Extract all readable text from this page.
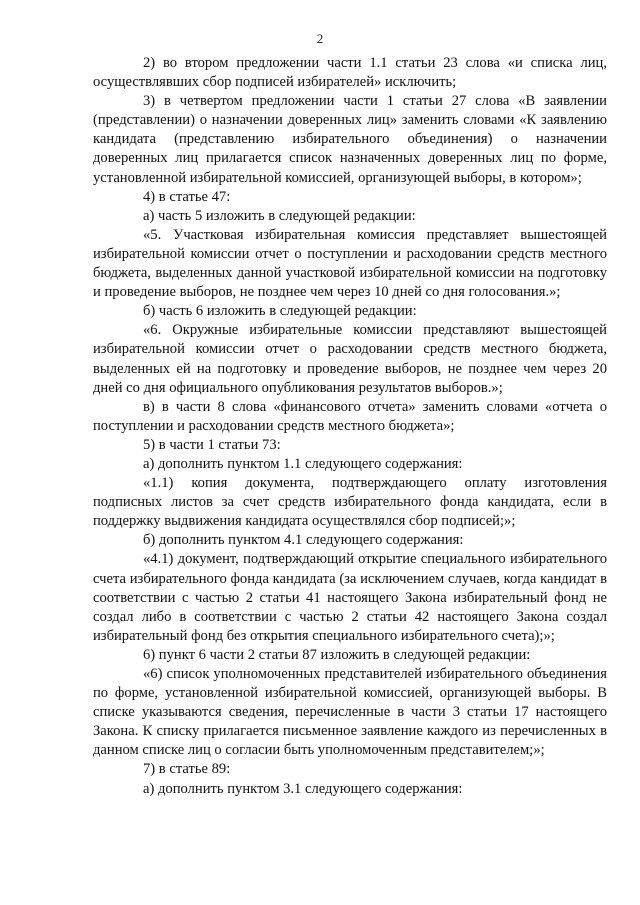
2

2) во втором предложении части 1.1 статьи 23 слова «и списка лиц, осуществлявших сбор подписей избирателей» исключить;

3) в четвертом предложении части 1 статьи 27 слова «В заявлении (представлении) о назначении доверенных лиц» заменить словами «К заявлению кандидата (представлению избирательного объединения) о назначении доверенных лиц прилагается список назначенных доверенных лиц по форме, установленной избирательной комиссией, организующей выборы, в котором»;

4) в статье 47:

а) часть 5 изложить в следующей редакции:

«5. Участковая избирательная комиссия представляет вышестоящей избирательной комиссии отчет о поступлении и расходовании средств местного бюджета, выделенных данной участковой избирательной комиссии на подготовку и проведение выборов, не позднее чем через 10 дней со дня голосования.»;

б) часть 6 изложить в следующей редакции:

«6. Окружные избирательные комиссии представляют вышестоящей избирательной комиссии отчет о расходовании средств местного бюджета, выделенных ей на подготовку и проведение выборов, не позднее чем через 20 дней со дня официального опубликования результатов выборов.»;

в) в части 8 слова «финансового отчета» заменить словами «отчета о поступлении и расходовании средств местного бюджета»;

5) в части 1 статьи 73:

а) дополнить пунктом 1.1 следующего содержания:

«1.1) копия документа, подтверждающего оплату изготовления подписных листов за счет средств избирательного фонда кандидата, если в поддержку выдвижения кандидата осуществлялся сбор подписей;»;

б) дополнить пунктом 4.1 следующего содержания:

«4.1) документ, подтверждающий открытие специального избирательного счета избирательного фонда кандидата (за исключением случаев, когда кандидат в соответствии с частью 2 статьи 41 настоящего Закона избирательный фонд не создал либо в соответствии с частью 2 статьи 42 настоящего Закона создал избирательный фонд без открытия специального избирательного счета);»;

6) пункт 6 части 2 статьи 87 изложить в следующей редакции:

«6) список уполномоченных представителей избирательного объединения по форме, установленной избирательной комиссией, организующей выборы. В списке указываются сведения, перечисленные в части 3 статьи 17 настоящего Закона. К списку прилагается письменное заявление каждого из перечисленных в данном списке лиц о согласии быть уполномоченным представителем;»;

7) в статье 89:

а) дополнить пунктом 3.1 следующего содержания:
